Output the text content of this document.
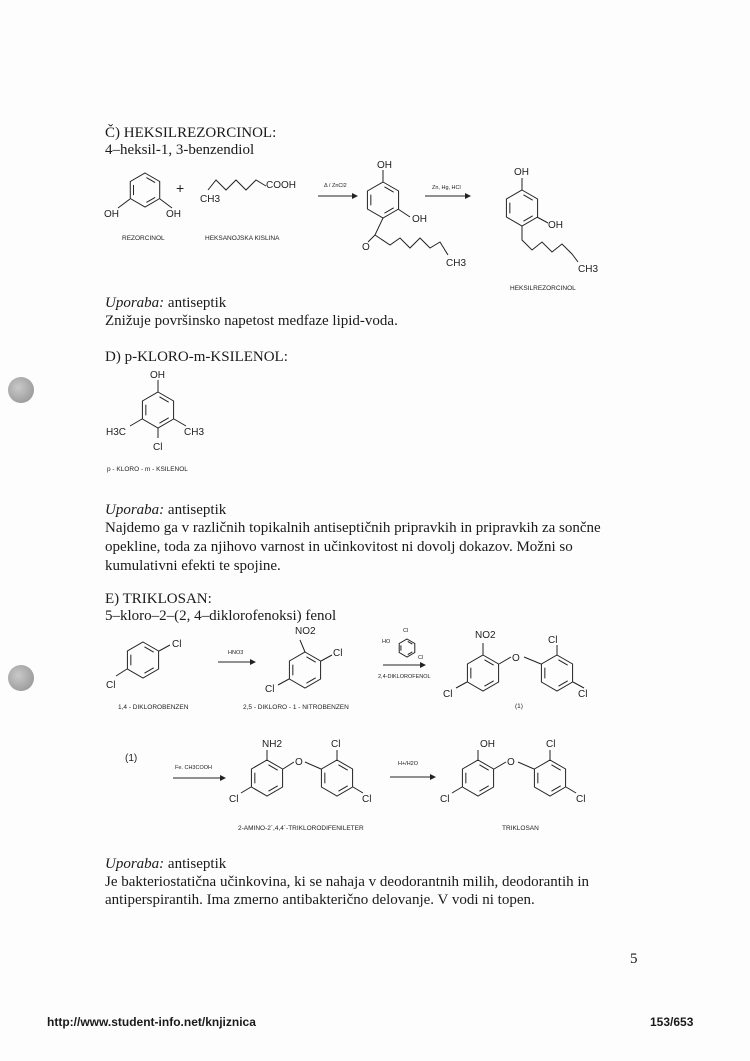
Č) HEKSILREZORCINOL:
4–heksil-1, 3-benzendiol
Uporaba: antiseptik
Znižuje površinsko napetost medfaze lipid-voda.
D) p-KLORO-m-KSILENOL:
Uporaba: antiseptik
Najdemo ga v različnih topikalnih antiseptičnih pripravkih in pripravkih za sončne
opekline, toda za njihovo varnost in učinkovitost ni dovolj dokazov. Možni so
kumulativni efekti te spojine.
E) TRIKLOSAN:
5–kloro–2–(2, 4–diklorofenoksi) fenol
Uporaba: antiseptik
Je bakteriostatična učinkovina, ki se nahaja v deodorantnih milih, deodorantih in
antiperspirantih. Ima zmerno antibakterično delovanje. V vodi ni topen.
5
http://www.student-info.net/knjiznica	153/653
OH	OH
REZORCINOL
+
CH3
COOH
HEKSANOJSKA KISLINA
Δ / ZnCl2
OH
OH
O
CH3
Zn, Hg, HCl
OH
OH
CH3
HEKSILREZORCINOL
OH
H3C	CH3
Cl
p - KLORO - m - KSILENOL
Cl
Cl
1,4 - DIKLOROBENZEN
HNO3
NO2
Cl
Cl
2,5 - DIKLORO - 1 - NITROBENZEN
HO
Cl
Cl
2,4-DIKLOROFENOL
NO2
O
Cl
Cl	Cl
(1)
(1)
Fe. CH3COOH
NH2
O
Cl
Cl	Cl
2-AMINO-2´,4,4´-TRIKLORODIFENILETER
H+/H2O
OH
O
Cl
Cl	Cl
TRIKLOSAN
